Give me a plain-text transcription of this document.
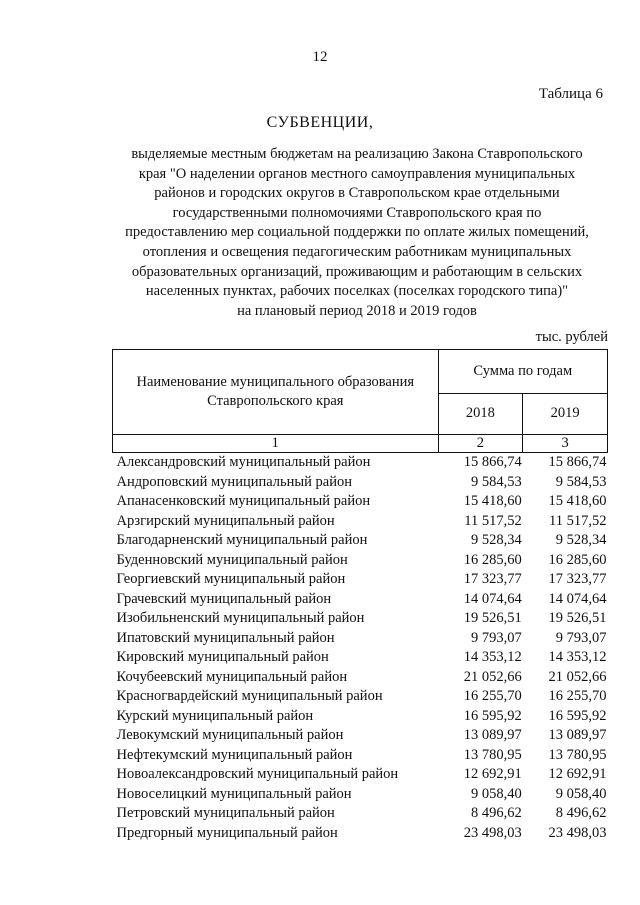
12
Таблица 6
СУБВЕНЦИИ,
выделяемые местным бюджетам на реализацию Закона Ставропольского
края "О наделении органов местного самоуправления муниципальных
районов и городских округов в Ставропольском крае отдельными
государственными полномочиями Ставропольского края по
предоставлению мер социальной поддержки по оплате жилых помещений,
отопления и освещения педагогическим работникам муниципальных
образовательных организаций, проживающим и работающим в сельских
населенных пунктах, рабочих поселках (поселках городского типа)"
на плановый период 2018 и 2019 годов
тыс. рублей
Наименование муниципального образования
Ставропольского края	Сумма по годам	
	2018	2019
1	2	3
Александровский муниципальный район	15 866,74	15 866,74
Андроповский муниципальный район	9 584,53	9 584,53
Апанасенковский муниципальный район	15 418,60	15 418,60
Арзгирский муниципальный район	11 517,52	11 517,52
Благодарненский муниципальный район	9 528,34	9 528,34
Буденновский муниципальный район	16 285,60	16 285,60
Георгиевский муниципальный район	17 323,77	17 323,77
Грачевский муниципальный район	14 074,64	14 074,64
Изобильненский муниципальный район	19 526,51	19 526,51
Ипатовский муниципальный район	9 793,07	9 793,07
Кировский муниципальный район	14 353,12	14 353,12
Кочубеевский муниципальный район	21 052,66	21 052,66
Красногвардейский муниципальный район	16 255,70	16 255,70
Курский муниципальный район	16 595,92	16 595,92
Левокумский муниципальный район	13 089,97	13 089,97
Нефтекумский муниципальный район	13 780,95	13 780,95
Новоалександровский муниципальный район	12 692,91	12 692,91
Новоселицкий муниципальный район	9 058,40	9 058,40
Петровский муниципальный район	8 496,62	8 496,62
Предгорный муниципальный район	23 498,03	23 498,03
